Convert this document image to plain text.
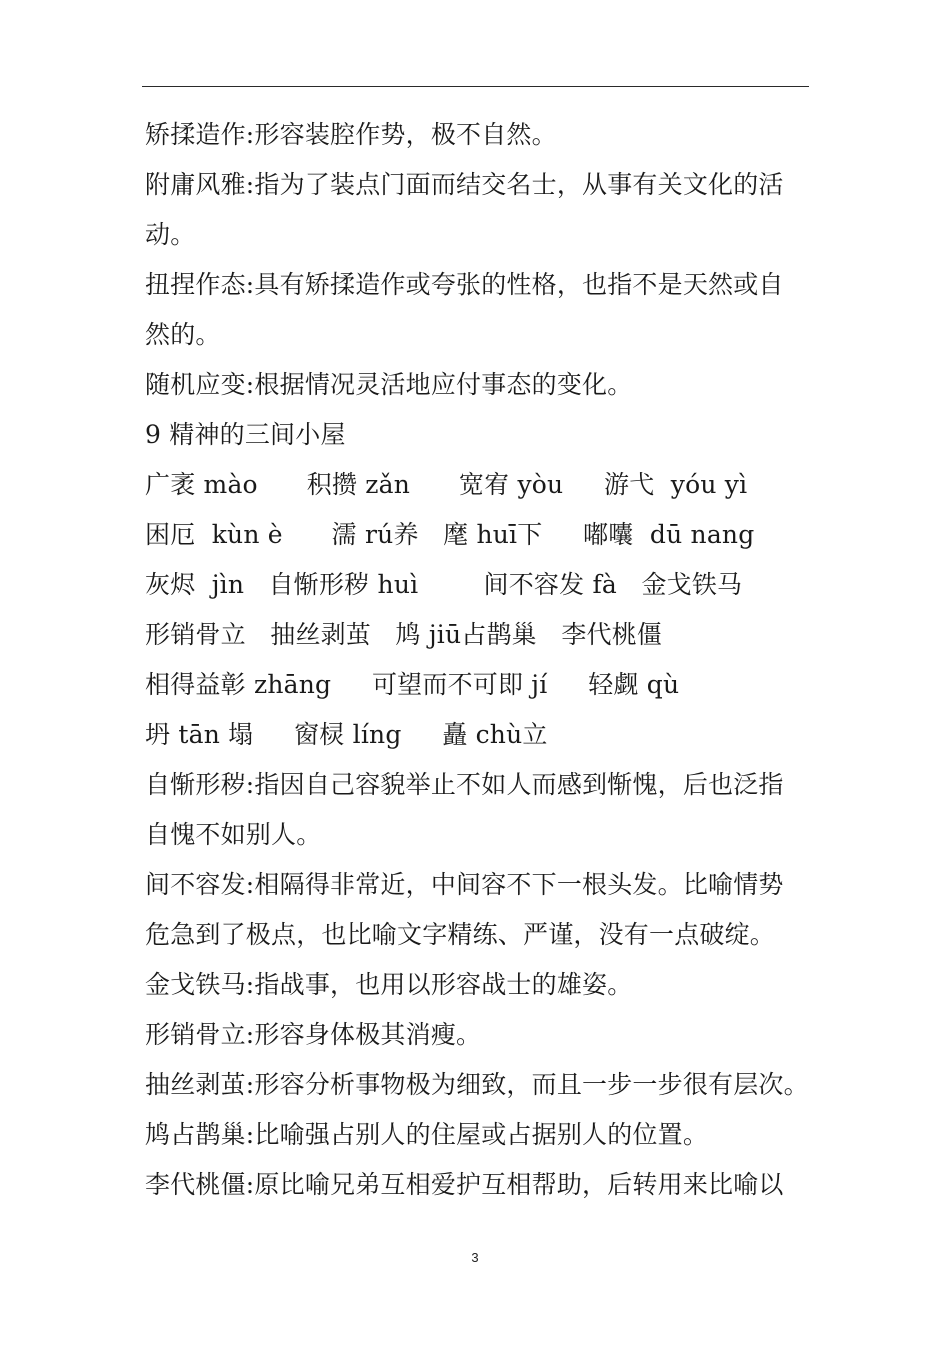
矫揉造作:形容装腔作势，极不自然。
附庸风雅:指为了装点门面而结交名士，从事有关文化的活
动。
扭捏作态:具有矫揉造作或夸张的性格，也指不是天然或自
然的。
随机应变:根据情况灵活地应付事态的变化。
9 精神的三间小屋
广袤 mào      积攒 zǎn      宽宥 yòu     游弋  yóu yì
困厄  kùn è      濡 rú养   麾 huī下     嘟囔  dū nang
灰烬  jìn   自惭形秽 huì        间不容发 fà   金戈铁马
形销骨立   抽丝剥茧   鸠 jiū占鹊巢   李代桃僵
相得益彰 zhāng     可望而不可即 jí     轻觑 qù
坍 tān 塌     窗棂 líng     矗 chù立
自惭形秽:指因自己容貌举止不如人而感到惭愧，后也泛指
自愧不如别人。
间不容发:相隔得非常近，中间容不下一根头发。比喻情势
危急到了极点，也比喻文字精练、严谨，没有一点破绽。
金戈铁马:指战事，也用以形容战士的雄姿。
形销骨立:形容身体极其消瘦。
抽丝剥茧:形容分析事物极为细致，而且一步一步很有层次。
鸠占鹊巢:比喻强占别人的住屋或占据别人的位置。
李代桃僵:原比喻兄弟互相爱护互相帮助，后转用来比喻以
3
